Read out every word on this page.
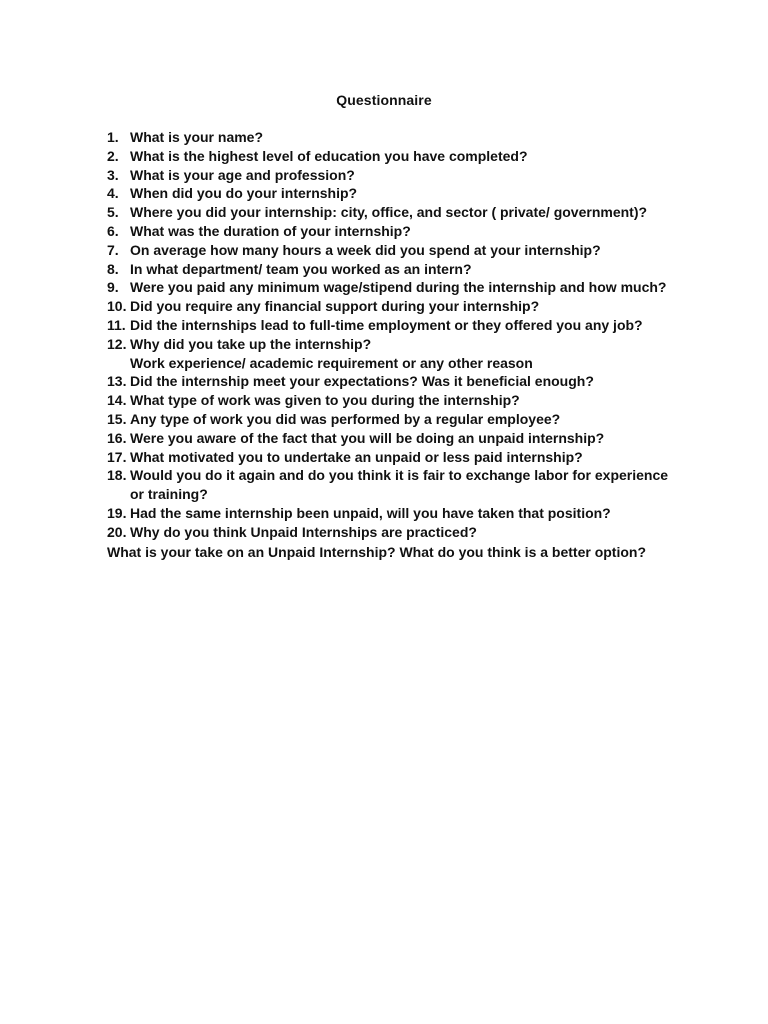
Questionnaire
1. What is your name?
2. What is the highest level of education you have completed?
3. What is your age and profession?
4. When did you do your internship?
5. Where you did your internship: city, office, and sector ( private/ government)?
6. What was the duration of your internship?
7. On average how many hours a week did you spend at your internship?
8. In what department/ team you worked as an intern?
9. Were you paid any minimum wage/stipend during the internship and how much?
10. Did you require any financial support during your internship?
11. Did the internships lead to full-time employment or they offered you any job?
12. Why did you take up the internship?
Work experience/ academic requirement or any other reason
13. Did the internship meet your expectations? Was it beneficial enough?
14. What type of work was given to you during the internship?
15. Any type of work you did was performed by a regular employee?
16. Were you aware of the fact that you will be doing an unpaid internship?
17. What motivated you to undertake an unpaid or less paid internship?
18. Would you do it again and do you think it is fair to exchange labor for experience
or training?
19. Had the same internship been unpaid, will you have taken that position?
20. Why do you think Unpaid Internships are practiced?
What is your take on an Unpaid Internship? What do you think is a better option?
